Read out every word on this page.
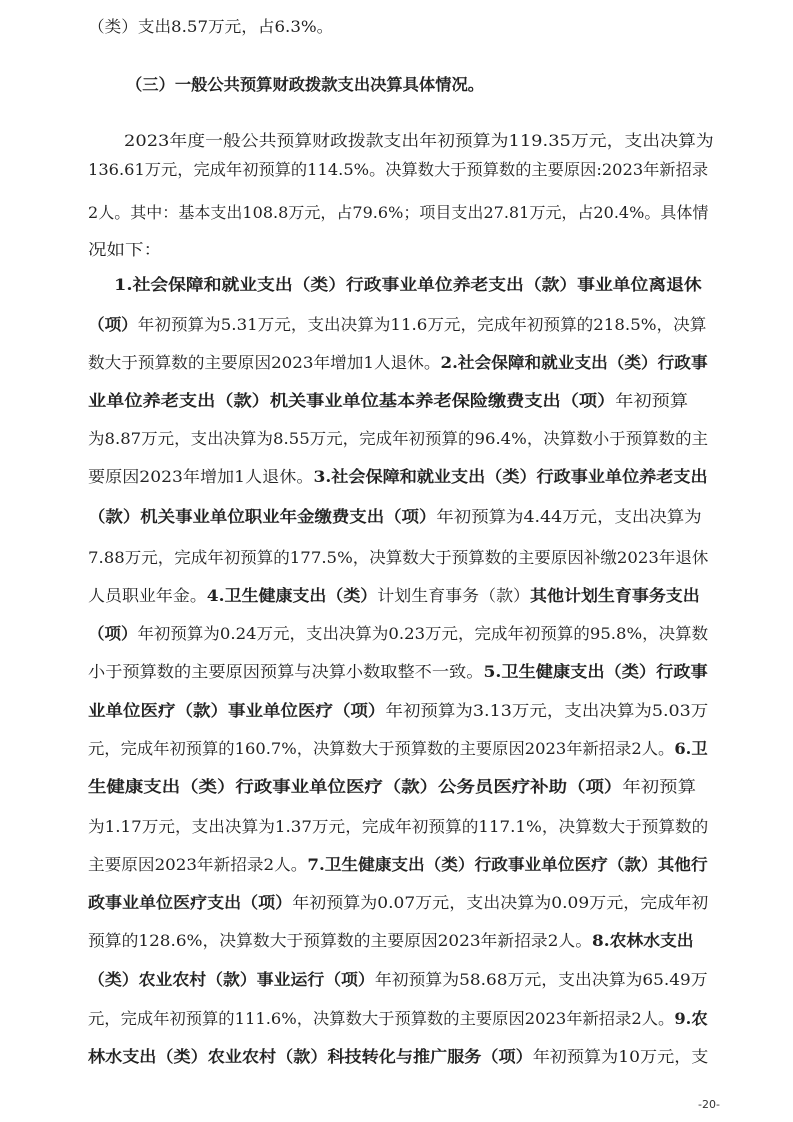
（类）支出8.57万元，占6.3%。
（三）一般公共预算财政拨款支出决算具体情况。
2023年度一般公共预算财政拨款支出年初预算为119.35万元，支出决算为
136.61万元，完成年初预算的114.5%。决算数大于预算数的主要原因:2023年新招录
2人。其中：基本支出108.8万元，占79.6%；项目支出27.81万元，占20.4%。具体情
况如下：
1.社会保障和就业支出（类）行政事业单位养老支出（款）事业单位离退休
（项）年初预算为5.31万元，支出决算为11.6万元，完成年初预算的218.5%，决算
数大于预算数的主要原因2023年增加1人退休。2.社会保障和就业支出（类）行政事
业单位养老支出（款）机关事业单位基本养老保险缴费支出（项）年初预算
为8.87万元，支出决算为8.55万元，完成年初预算的96.4%，决算数小于预算数的主
要原因2023年增加1人退休。3.社会保障和就业支出（类）行政事业单位养老支出
（款）机关事业单位职业年金缴费支出（项）年初预算为4.44万元，支出决算为
7.88万元，完成年初预算的177.5%，决算数大于预算数的主要原因补缴2023年退休
人员职业年金。4.卫生健康支出（类）计划生育事务（款）其他计划生育事务支出
（项）年初预算为0.24万元，支出决算为0.23万元，完成年初预算的95.8%，决算数
小于预算数的主要原因预算与决算小数取整不一致。5.卫生健康支出（类）行政事
业单位医疗（款）事业单位医疗（项）年初预算为3.13万元，支出决算为5.03万
元，完成年初预算的160.7%，决算数大于预算数的主要原因2023年新招录2人。6.卫
生健康支出（类）行政事业单位医疗（款）公务员医疗补助（项）年初预算
为1.17万元，支出决算为1.37万元，完成年初预算的117.1%，决算数大于预算数的
主要原因2023年新招录2人。7.卫生健康支出（类）行政事业单位医疗（款）其他行
政事业单位医疗支出（项）年初预算为0.07万元，支出决算为0.09万元，完成年初
预算的128.6%，决算数大于预算数的主要原因2023年新招录2人。8.农林水支出
（类）农业农村（款）事业运行（项）年初预算为58.68万元，支出决算为65.49万
元，完成年初预算的111.6%，决算数大于预算数的主要原因2023年新招录2人。9.农
林水支出（类）农业农村（款）科技转化与推广服务（项）年初预算为10万元，支
-20-
